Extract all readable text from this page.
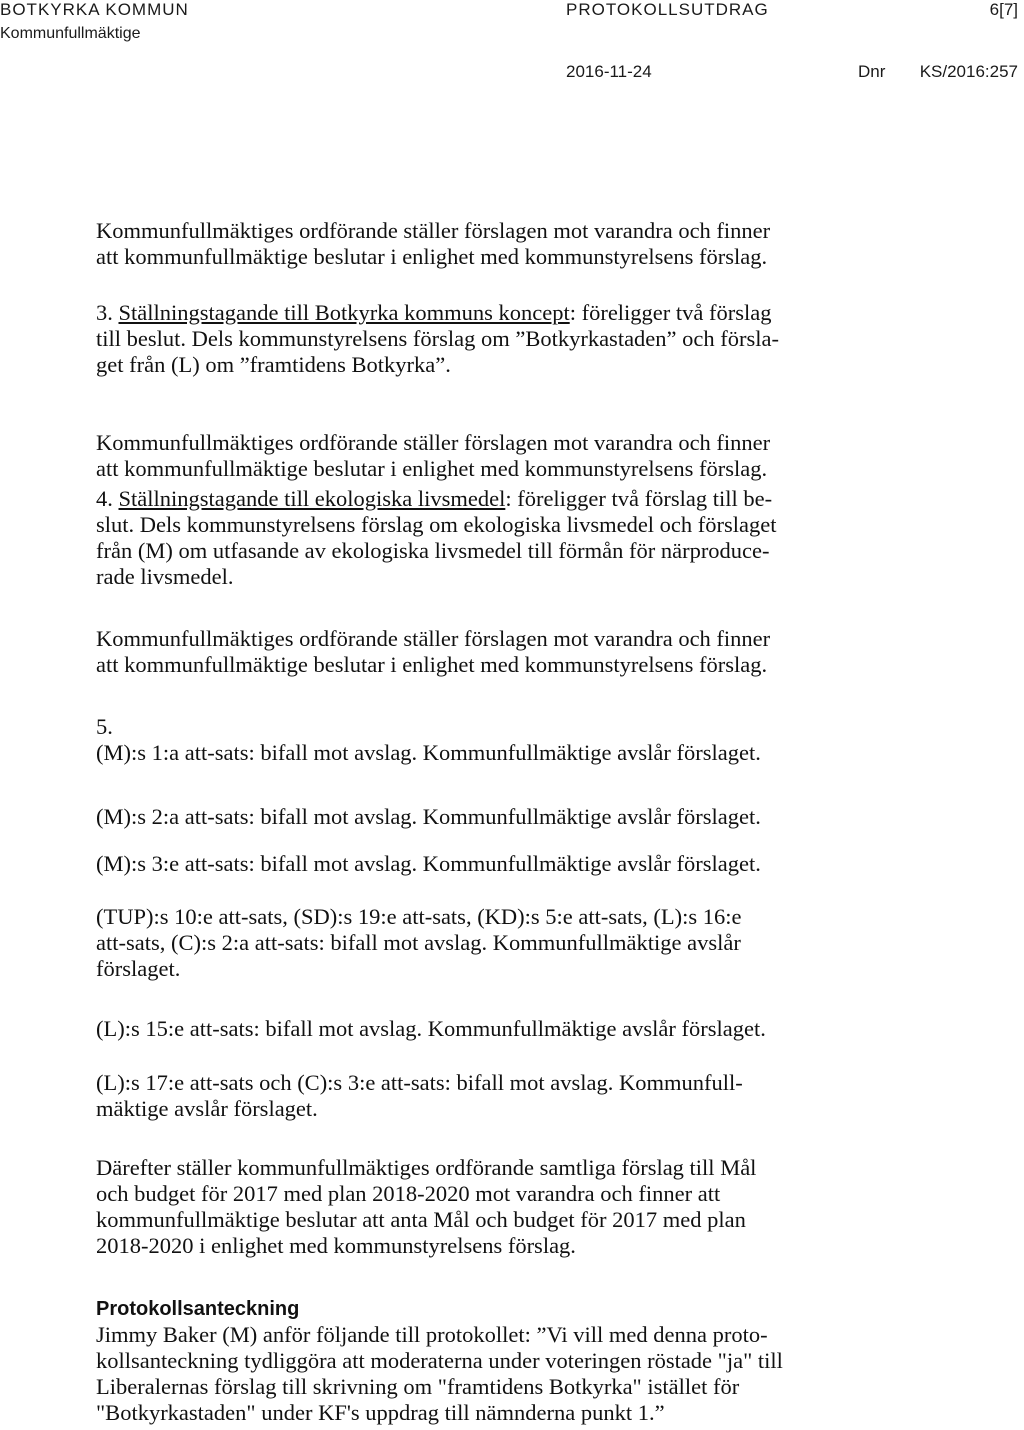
BOTKYRKA KOMMUN
Kommunfullmäktige
PROTOKOLLSUTDRAG	6[7]
2016-11-24	Dnr KS/2016:257

Kommunfullmäktiges ordförande ställer förslagen mot varandra och finner
att kommunfullmäktige beslutar i enlighet med kommunstyrelsens förslag.

3. Ställningstagande till Botkyrka kommuns koncept: föreligger två förslag
till beslut. Dels kommunstyrelsens förslag om ”Botkyrkastaden” och försla-
get från (L) om ”framtidens Botkyrka”.

Kommunfullmäktiges ordförande ställer förslagen mot varandra och finner
att kommunfullmäktige beslutar i enlighet med kommunstyrelsens förslag.

4. Ställningstagande till ekologiska livsmedel: föreligger två förslag till be-
slut. Dels kommunstyrelsens förslag om ekologiska livsmedel och förslaget
från (M) om utfasande av ekologiska livsmedel till förmån för närproduce-
rade livsmedel.

Kommunfullmäktiges ordförande ställer förslagen mot varandra och finner
att kommunfullmäktige beslutar i enlighet med kommunstyrelsens förslag.

5.

(M):s 1:a att-sats: bifall mot avslag. Kommunfullmäktige avslår förslaget.

(M):s 2:a att-sats: bifall mot avslag. Kommunfullmäktige avslår förslaget.

(M):s 3:e att-sats: bifall mot avslag. Kommunfullmäktige avslår förslaget.

(TUP):s 10:e att-sats, (SD):s 19:e att-sats, (KD):s 5:e att-sats, (L):s 16:e
att-sats, (C):s 2:a att-sats: bifall mot avslag. Kommunfullmäktige avslår
förslaget.

(L):s 15:e att-sats: bifall mot avslag. Kommunfullmäktige avslår förslaget.

(L):s 17:e att-sats och (C):s 3:e att-sats: bifall mot avslag. Kommunfull-
mäktige avslår förslaget.

Därefter ställer kommunfullmäktiges ordförande samtliga förslag till Mål
och budget för 2017 med plan 2018-2020 mot varandra och finner att
kommunfullmäktige beslutar att anta Mål och budget för 2017 med plan
2018-2020 i enlighet med kommunstyrelsens förslag.

Protokollsanteckning

Jimmy Baker (M) anför följande till protokollet: ”Vi vill med denna proto-
kollsanteckning tydliggöra att moderaterna under voteringen röstade "ja" till
Liberalernas förslag till skrivning om "framtidens Botkyrka" istället för
"Botkyrkastaden" under KF's uppdrag till nämnderna punkt 1.”
